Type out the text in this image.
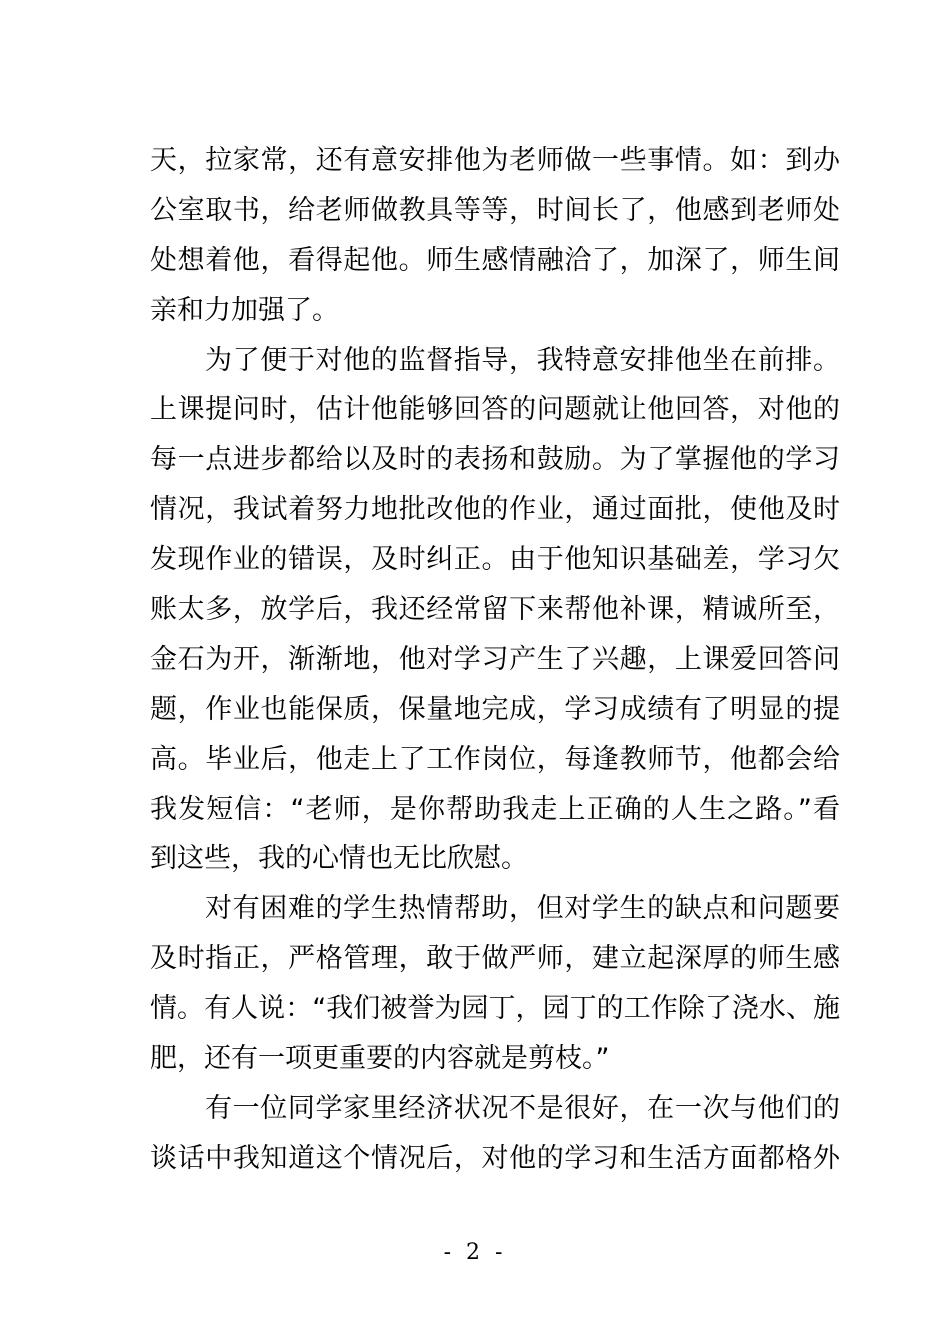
天，拉家常，还有意安排他为老师做一些事情。如：到办
公室取书，给老师做教具等等，时间长了，他感到老师处
处想着他，看得起他。师生感情融洽了，加深了，师生间
亲和力加强了。
为了便于对他的监督指导，我特意安排他坐在前排。
上课提问时，估计他能够回答的问题就让他回答，对他的
每一点进步都给以及时的表扬和鼓励。为了掌握他的学习
情况，我试着努力地批改他的作业，通过面批，使他及时
发现作业的错误，及时纠正。由于他知识基础差，学习欠
账太多，放学后，我还经常留下来帮他补课，精诚所至，
金石为开，渐渐地，他对学习产生了兴趣，上课爱回答问
题，作业也能保质，保量地完成，学习成绩有了明显的提
高。毕业后，他走上了工作岗位，每逢教师节，他都会给
我发短信：“老师，是你帮助我走上正确的人生之路。”看
到这些，我的心情也无比欣慰。
对有困难的学生热情帮助，但对学生的缺点和问题要
及时指正，严格管理，敢于做严师，建立起深厚的师生感
情。有人说：“我们被誉为园丁，园丁的工作除了浇水、施
肥，还有一项更重要的内容就是剪枝。”
有一位同学家里经济状况不是很好，在一次与他们的
谈话中我知道这个情况后，对他的学习和生活方面都格外
- 2 -
